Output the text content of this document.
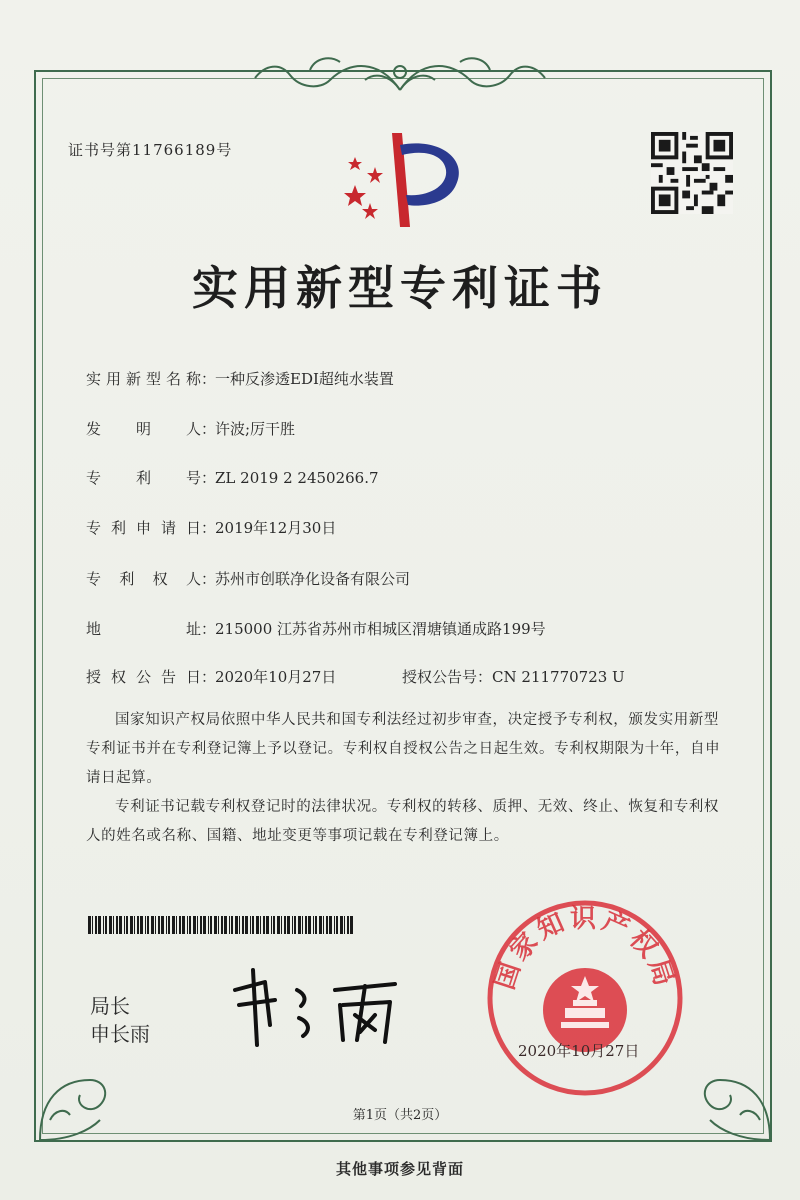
证书号第11766189号
实用新型专利证书
实用新型名称：一种反渗透EDI超纯水装置
发明人：许波;厉干胜
专利号：ZL 2019 2 2450266.7
专利申请日：2019年12月30日
专利权人：苏州市创联净化设备有限公司
地址：215000 江苏省苏州市相城区渭塘镇通成路199号
授权公告日：2020年10月27日	授权公告号：CN 211770723 U
国家知识产权局依照中华人民共和国专利法经过初步审查，决定授予专利权，颁发实用新型专利证书并在专利登记簿上予以登记。专利权自授权公告之日起生效。专利权期限为十年，自申请日起算。
专利证书记载专利权登记时的法律状况。专利权的转移、质押、无效、终止、恢复和专利权人的姓名或名称、国籍、地址变更等事项记载在专利登记簿上。
局长
申长雨
国家知识产权局
2020年10月27日
第1页（共2页）
其他事项参见背面
